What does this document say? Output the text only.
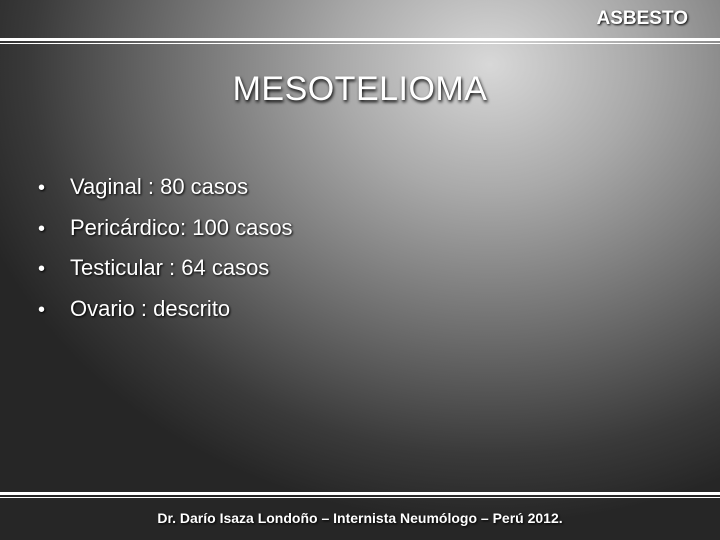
ASBESTO
MESOTELIOMA
•	Vaginal : 80 casos
•	Pericárdico: 100 casos
•	Testicular : 64 casos
•	Ovario : descrito
Dr. Darío Isaza Londoño – Internista Neumólogo – Perú 2012.
